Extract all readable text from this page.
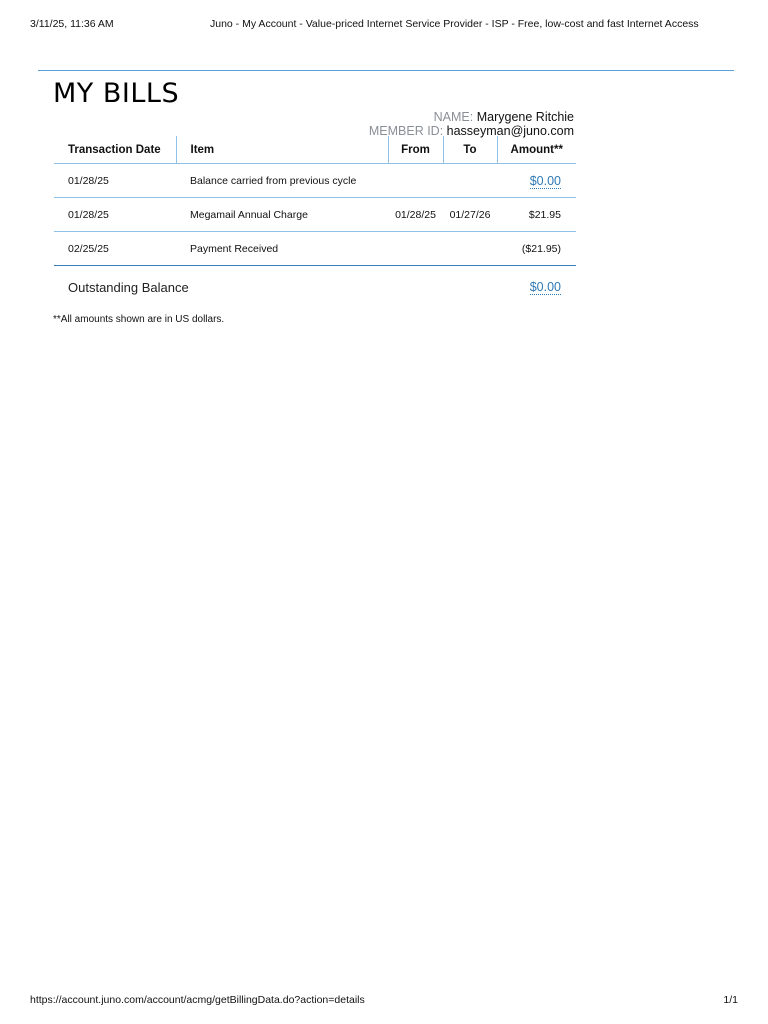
3/11/25, 11:36 AM	Juno - My Account - Value-priced Internet Service Provider - ISP - Free, low-cost and fast Internet Access
MY BILLS
NAME: Marygene Ritchie
MEMBER ID: hasseyman@juno.com
Transaction Date	Item	From	To	Amount**
01/28/25	Balance carried from previous cycle			$0.00
01/28/25	Megamail Annual Charge	01/28/25	01/27/26	$21.95
02/25/25	Payment Received			($21.95)
Outstanding Balance	$0.00
**All amounts shown are in US dollars.
https://account.juno.com/account/acmg/getBillingData.do?action=details	1/1
